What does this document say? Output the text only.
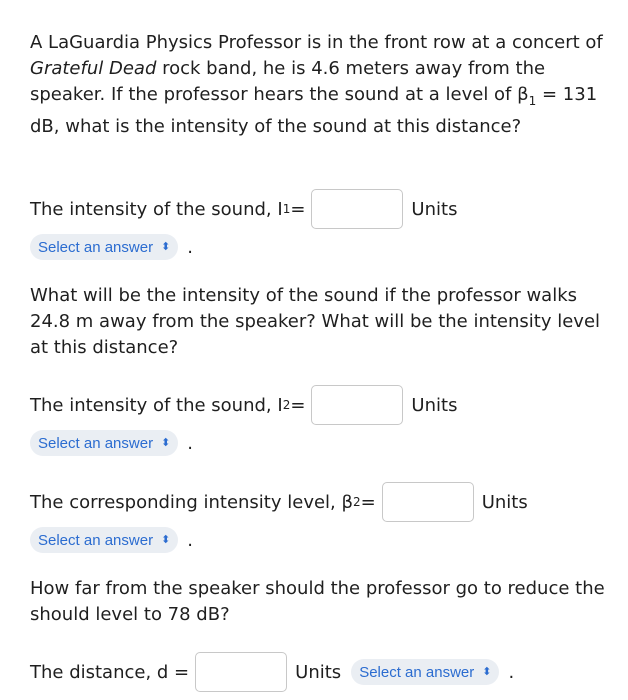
A LaGuardia Physics Professor is in the front row at a concert of Grateful Dead rock band, he is 4.6 meters away from the speaker. If the professor hears the sound at a level of $\beta_1 = 131$ dB, what is the intensity of the sound at this distance?
The intensity of the sound, I 1 =	Units
Select an answer ⬍ .
What will be the intensity of the sound if the professor walks 24.8 m away from the speaker? What will be the intensity level at this distance?
The intensity of the sound, I 2 =	Units
Select an answer ⬍ .
The corresponding intensity level, β 2 =	Units
Select an answer ⬍ .
How far from the speaker should the professor go to reduce the should level to 78 dB?
The distance, d =	Units Select an answer ⬍ .
